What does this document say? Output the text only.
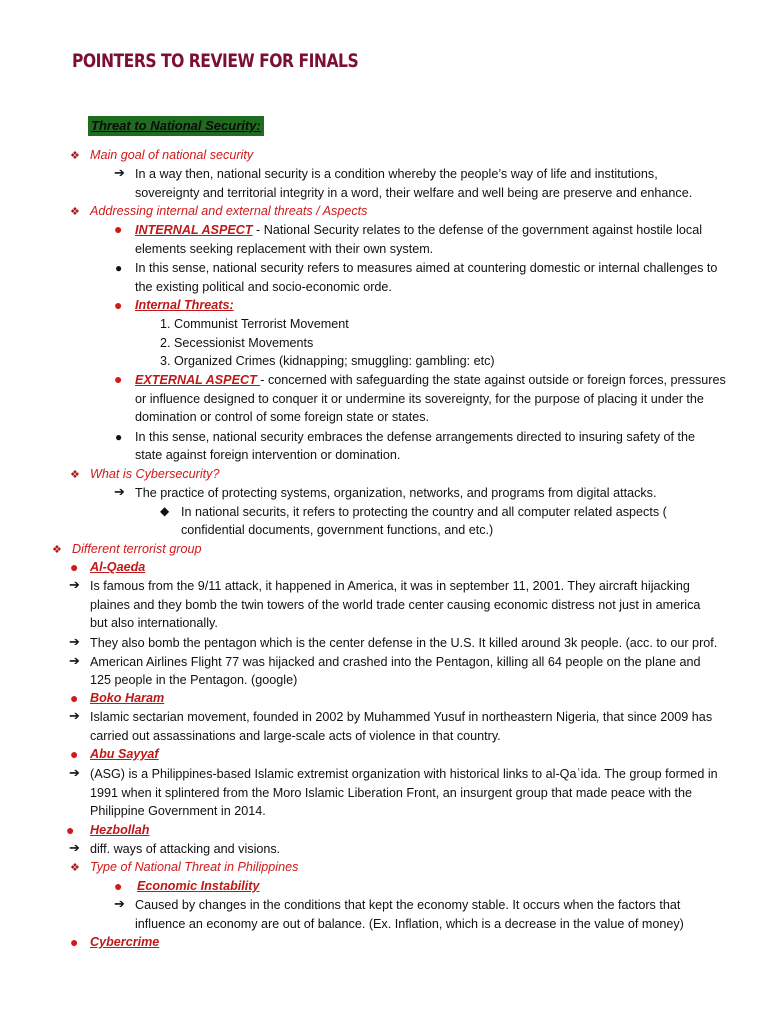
POINTERS TO REVIEW FOR FINALS
Threat to National Security:
❖ Main goal of national security
➔ In a way then, national security is a condition whereby the people’s way of life and institutions,
sovereignty and territorial integrity in a word, their welfare and well being are preserve and enhance.
❖ Addressing internal and external threats / Aspects
● INTERNAL ASPECT - National Security relates to the defense of the government against hostile local
elements seeking replacement with their own system.
● In this sense, national security refers to measures aimed at countering domestic or internal challenges to
the existing political and socio-economic orde.
● Internal Threats:
1. Communist Terrorist Movement
2. Secessionist Movements
3. Organized Crimes (kidnapping; smuggling: gambling: etc)
● EXTERNAL ASPECT - concerned with safeguarding the state against outside or foreign forces, pressures
or influence designed to conquer it or undermine its sovereignty, for the purpose of placing it under the
domination or control of some foreign state or states.
● In this sense, national security embraces the defense arrangements directed to insuring safety of the
state against foreign intervention or domination.
❖ What is Cybersecurity?
➔ The practice of protecting systems, organization, networks, and programs from digital attacks.
◆ In national securits, it refers to protecting the country and all computer related aspects (
confidential documents, government functions, and etc.)
❖ Different terrorist group
● Al-Qaeda
➔ Is famous from the 9/11 attack, it happened in America, it was in september 11, 2001. They aircraft hijacking
plaines and they bomb the twin towers of the world trade center causing economic distress not just in america
but also internationally.
➔ They also bomb the pentagon which is the center defense in the U.S. It killed around 3k people. (acc. to our prof.
➔ American Airlines Flight 77 was hijacked and crashed into the Pentagon, killing all 64 people on the plane and
125 people in the Pentagon. (google)
● Boko Haram
➔ Islamic sectarian movement, founded in 2002 by Muhammed Yusuf in northeastern Nigeria, that since 2009 has
carried out assassinations and large-scale acts of violence in that country.
● Abu Sayyaf
➔ (ASG) is a Philippines-based Islamic extremist organization with historical links to al-Qaʿida. The group formed in
1991 when it splintered from the Moro Islamic Liberation Front, an insurgent group that made peace with the
Philippine Government in 2014.
● Hezbollah
➔ diff. ways of attacking and visions.
❖ Type of National Threat in Philippines
● Economic Instability
➔ Caused by changes in the conditions that kept the economy stable. It occurs when the factors that
influence an economy are out of balance. (Ex. Inflation, which is a decrease in the value of money)
● Cybercrime
